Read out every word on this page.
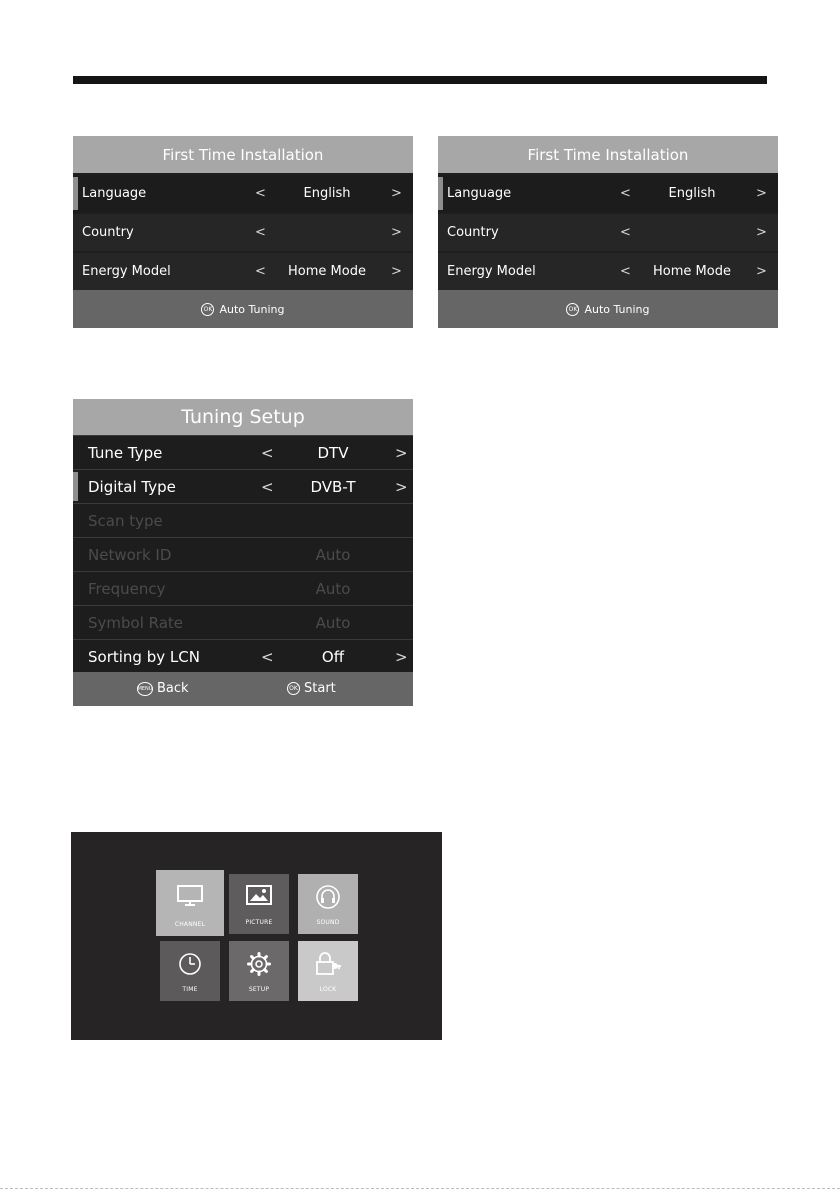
First Time Installation
Language	<	English	>
Country	<	>
Energy Model	<	Home Mode	>
OK Auto Tuning
First Time Installation
Language	<	English	>
Country	<	>
Energy Model	<	Home Mode	>
OK Auto Tuning
Tuning Setup
Tune Type	<	DTV	>
Digital Type	<	DVB-T	>
Scan type
Network ID	Auto
Frequency	Auto
Symbol Rate	Auto
Sorting by LCN	<	Off	>
MENU Back	OK Start
CHANNEL	PICTURE	SOUND
TIME	SETUP	LOCK
